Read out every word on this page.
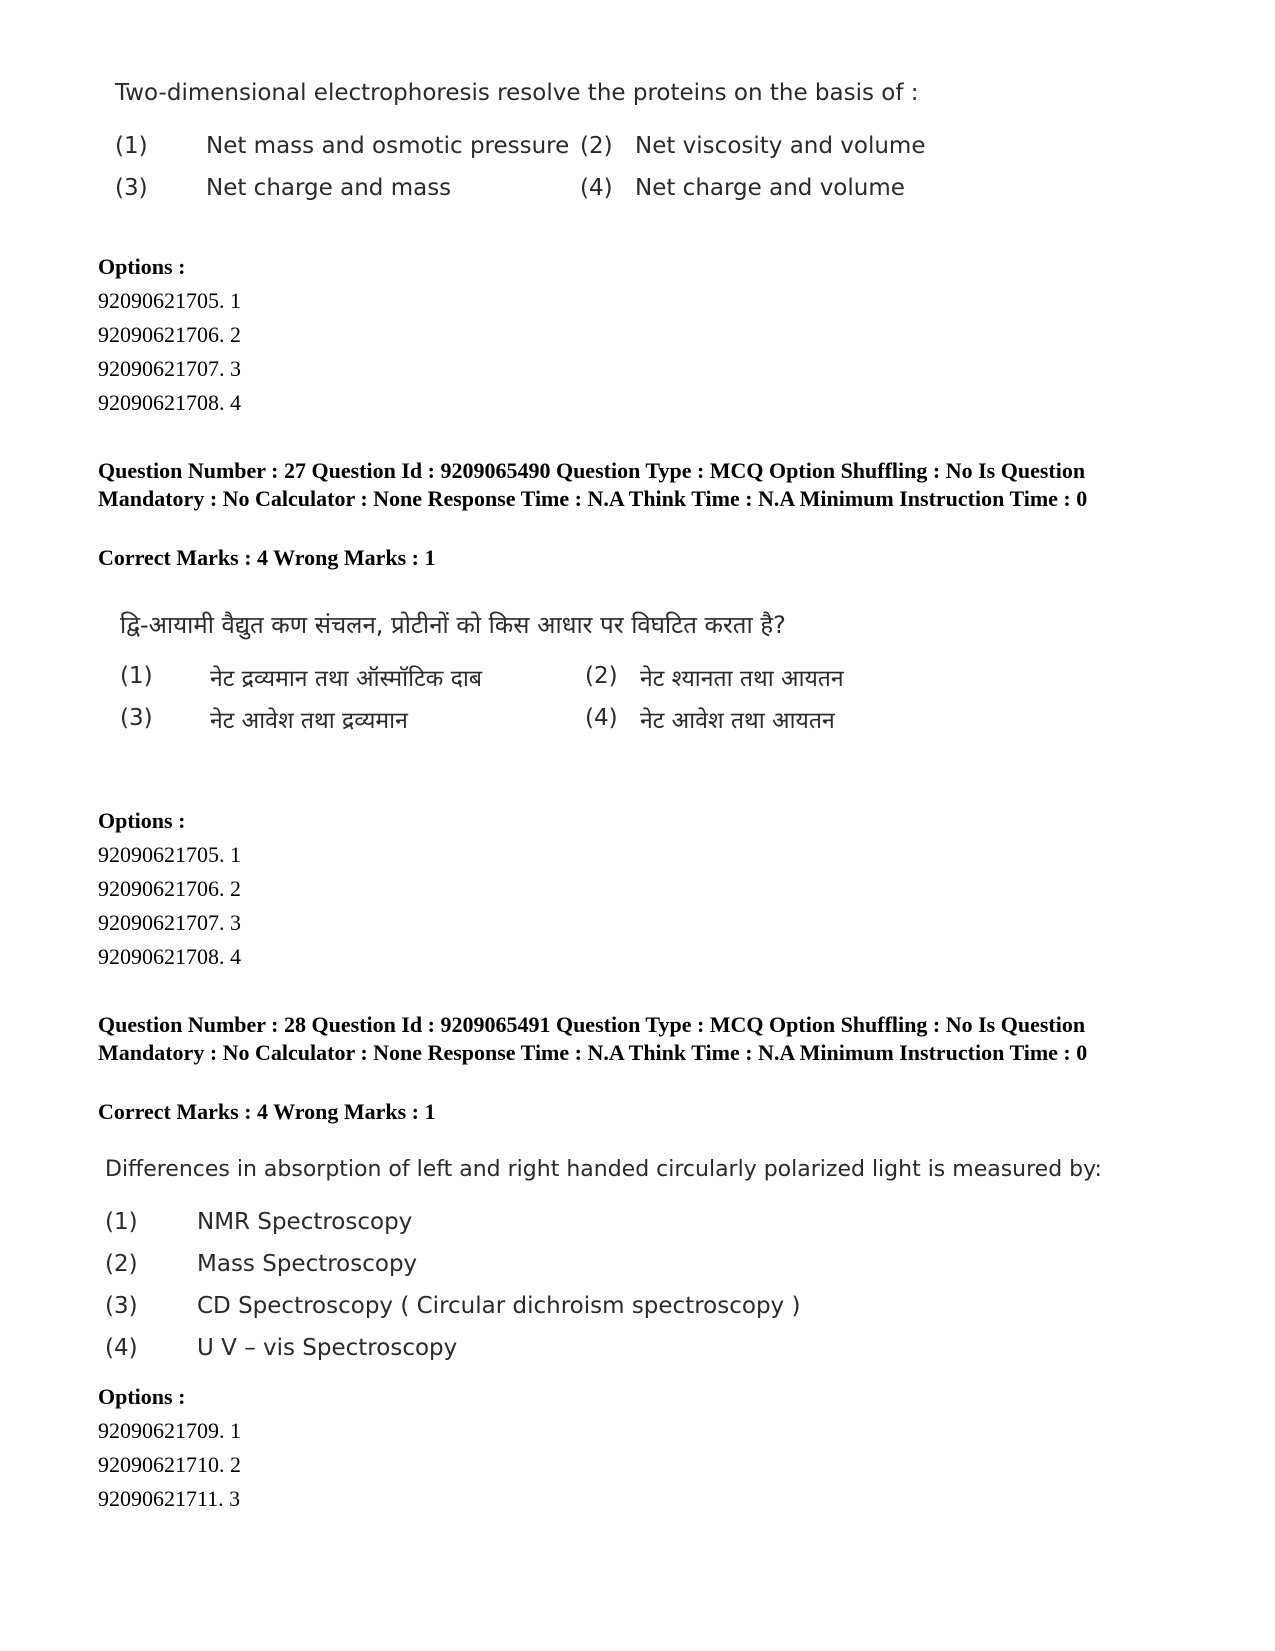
Two-dimensional electrophoresis resolve the proteins on the basis of :
(1)	Net mass and osmotic pressure (2) Net viscosity and volume
(3)	Net charge and mass	(4) Net charge and volume
Options :
92090621705. 1
92090621706. 2
92090621707. 3
92090621708. 4
Question Number : 27 Question Id : 9209065490 Question Type : MCQ Option Shuffling : No Is Question Mandatory : No Calculator : None Response Time : N.A Think Time : N.A Minimum Instruction Time : 0
Correct Marks : 4 Wrong Marks : 1
द्वि-आयामी वैद्युत कण संचलन, प्रोटीनों को किस आधार पर विघटित करता है?
(1) नेट द्रव्यमान तथा ऑस्मॉटिक दाब	(2) नेट श्यानता तथा आयतन
(3) नेट आवेश तथा द्रव्यमान	(4) नेट आवेश तथा आयतन
Options :
92090621705. 1
92090621706. 2
92090621707. 3
92090621708. 4
Question Number : 28 Question Id : 9209065491 Question Type : MCQ Option Shuffling : No Is Question Mandatory : No Calculator : None Response Time : N.A Think Time : N.A Minimum Instruction Time : 0
Correct Marks : 4 Wrong Marks : 1
Differences in absorption of left and right handed circularly polarized light is measured by:
(1)	NMR Spectroscopy
(2)	Mass Spectroscopy
(3)	CD Spectroscopy ( Circular dichroism spectroscopy )
(4)	U V – vis Spectroscopy
Options :
92090621709. 1
92090621710. 2
92090621711. 3
